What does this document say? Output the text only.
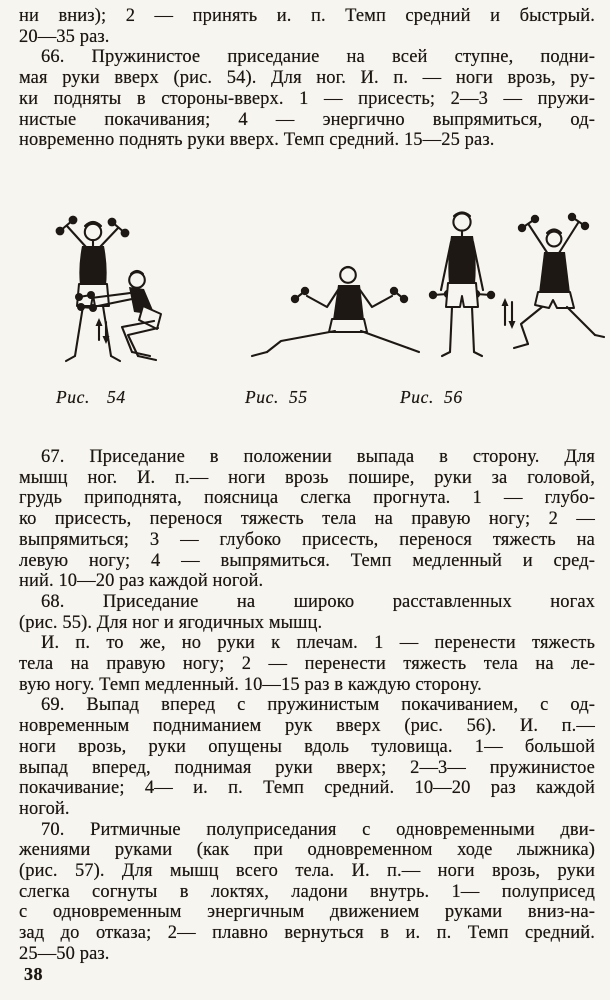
ни вниз); 2 — принять и. п. Темп средний и быстрый.
20—35 раз.
66. Пружинистое приседание на всей ступне, подни-
мая руки вверх (рис. 54). Для ног. И. п. — ноги врозь, ру-
ки подняты в стороны-вверх. 1 — присесть; 2—3 — пружи-
нистые покачивания; 4 — энергично выпрямиться, од-
новременно поднять руки вверх. Темп средний. 15—25 раз.
Рис. 54	Рис. 55	Рис. 56
67. Приседание в положении выпада в сторону. Для
мышц ног. И. п.— ноги врозь пошире, руки за головой,
грудь приподнята, поясница слегка прогнута. 1 — глубо-
ко присесть, перенося тяжесть тела на правую ногу; 2 —
выпрямиться; 3 — глубоко присесть, перенося тяжесть на
левую ногу; 4 — выпрямиться. Темп медленный и сред-
ний. 10—20 раз каждой ногой.
68. Приседание на широко расставленных ногах
(рис. 55). Для ног и ягодичных мышц.
И. п. то же, но руки к плечам. 1 — перенести тяжесть
тела на правую ногу; 2 — перенести тяжесть тела на ле-
вую ногу. Темп медленный. 10—15 раз в каждую сторону.
69. Выпад вперед с пружинистым покачиванием, с од-
новременным подниманием рук вверх (рис. 56). И. п.—
ноги врозь, руки опущены вдоль туловища. 1— большой
выпад вперед, поднимая руки вверх; 2—3— пружинистое
покачивание; 4— и. п. Темп средний. 10—20 раз каждой
ногой.
70. Ритмичные полуприседания с одновременными дви-
жениями руками (как при одновременном ходе лыжника)
(рис. 57). Для мышц всего тела. И. п.— ноги врозь, руки
слегка согнуты в локтях, ладони внутрь. 1— полуприсед
с одновременным энергичным движением руками вниз-на-
зад до отказа; 2— плавно вернуться в и. п. Темп средний.
25—50 раз.
38
